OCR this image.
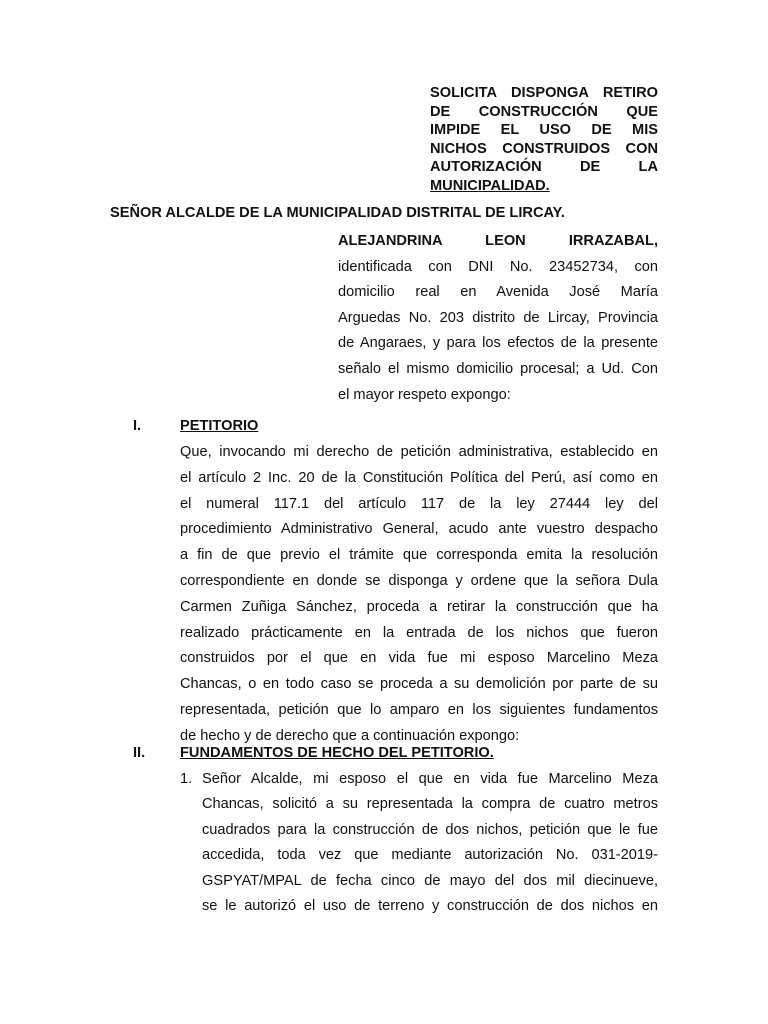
SOLICITA DISPONGA RETIRO
DE CONSTRUCCIÓN QUE
IMPIDE EL USO DE MIS
NICHOS CONSTRUIDOS CON
AUTORIZACIÓN DE LA
MUNICIPALIDAD.
SEÑOR ALCALDE DE LA MUNICIPALIDAD DISTRITAL DE LIRCAY.
ALEJANDRINA LEON IRRAZABAL,
identificada con DNI No. 23452734, con
domicilio real en Avenida José María
Arguedas No. 203 distrito de Lircay, Provincia
de Angaraes, y para los efectos de la presente
señalo el mismo domicilio procesal; a Ud. Con
el mayor respeto expongo:
I.	PETITORIO
Que, invocando mi derecho de petición administrativa, establecido en
el artículo 2 Inc. 20 de la Constitución Política del Perú, así como en
el numeral 117.1 del artículo 117 de la ley 27444 ley del
procedimiento Administrativo General, acudo ante vuestro despacho
a fin de que previo el trámite que corresponda emita la resolución
correspondiente en donde se disponga y ordene que la señora Dula
Carmen Zuñiga Sánchez, proceda a retirar la construcción que ha
realizado prácticamente en la entrada de los nichos que fueron
construidos por el que en vida fue mi esposo Marcelino Meza
Chancas, o en todo caso se proceda a su demolición por parte de su
representada, petición que lo amparo en los siguientes fundamentos
de hecho y de derecho que a continuación expongo:
II. FUNDAMENTOS DE HECHO DEL PETITORIO.
1. Señor Alcalde, mi esposo el que en vida fue Marcelino Meza
Chancas, solicitó a su representada la compra de cuatro metros
cuadrados para la construcción de dos nichos, petición que le fue
accedida, toda vez que mediante autorización No. 031-2019-
GSPYAT/MPAL de fecha cinco de mayo del dos mil diecinueve,
se le autorizó el uso de terreno y construcción de dos nichos en
